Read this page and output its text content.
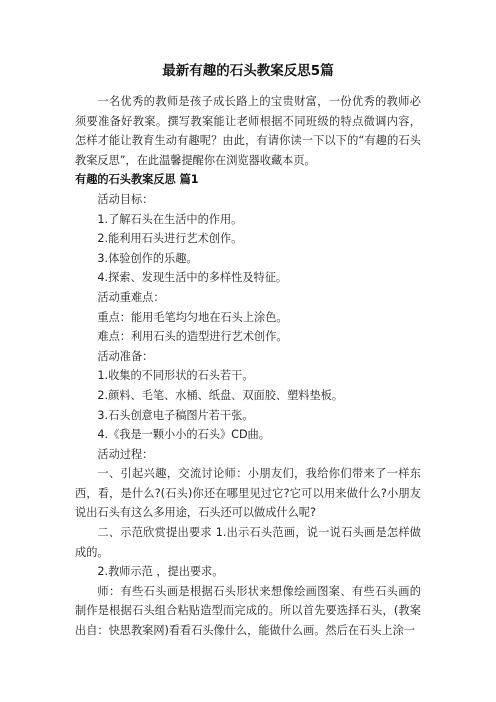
最新有趣的石头教案反思5篇

一名优秀的教师是孩子成长路上的宝贵财富，一份优秀的教师必须要准备好教案。撰写教案能让老师根据不同班级的特点微调内容，怎样才能让教育生动有趣呢？由此，有请你读一下以下的“有趣的石头教案反思”，在此温馨提醒你在浏览器收藏本页。

有趣的石头教案反思 篇1

活动目标：

1.了解石头在生活中的作用。

2.能利用石头进行艺术创作。

3.体验创作的乐趣。

4.探索、发现生活中的多样性及特征。

活动重难点：

重点：能用毛笔均匀地在石头上涂色。

难点：利用石头的造型进行艺术创作。

活动准备：

1.收集的不同形状的石头若干。

2.颜料、毛笔、水桶、纸盘、双面胶、塑料垫板。

3.石头创意电子稿图片若干张。

4.《我是一颗小小的石头》CD曲。

活动过程：

一、引起兴趣，交流讨论师：小朋友们，我给你们带来了一样东西，看，是什么?(石头)你还在哪里见过它?它可以用来做什么?小朋友说出石头有这么多用途，石头还可以做成什么呢?

二、示范欣赏提出要求 1.出示石头范画，说一说石头画是怎样做成的。

2.教师示范 ，提出要求。

师：有些石头画是根据石头形状来想像绘画图案、有些石头画的制作是根据石头组合粘贴造型而完成的。所以首先要选择石头，(教案出自：快思教案网)看看石头像什么，能做什么画。然后在石头上涂一
